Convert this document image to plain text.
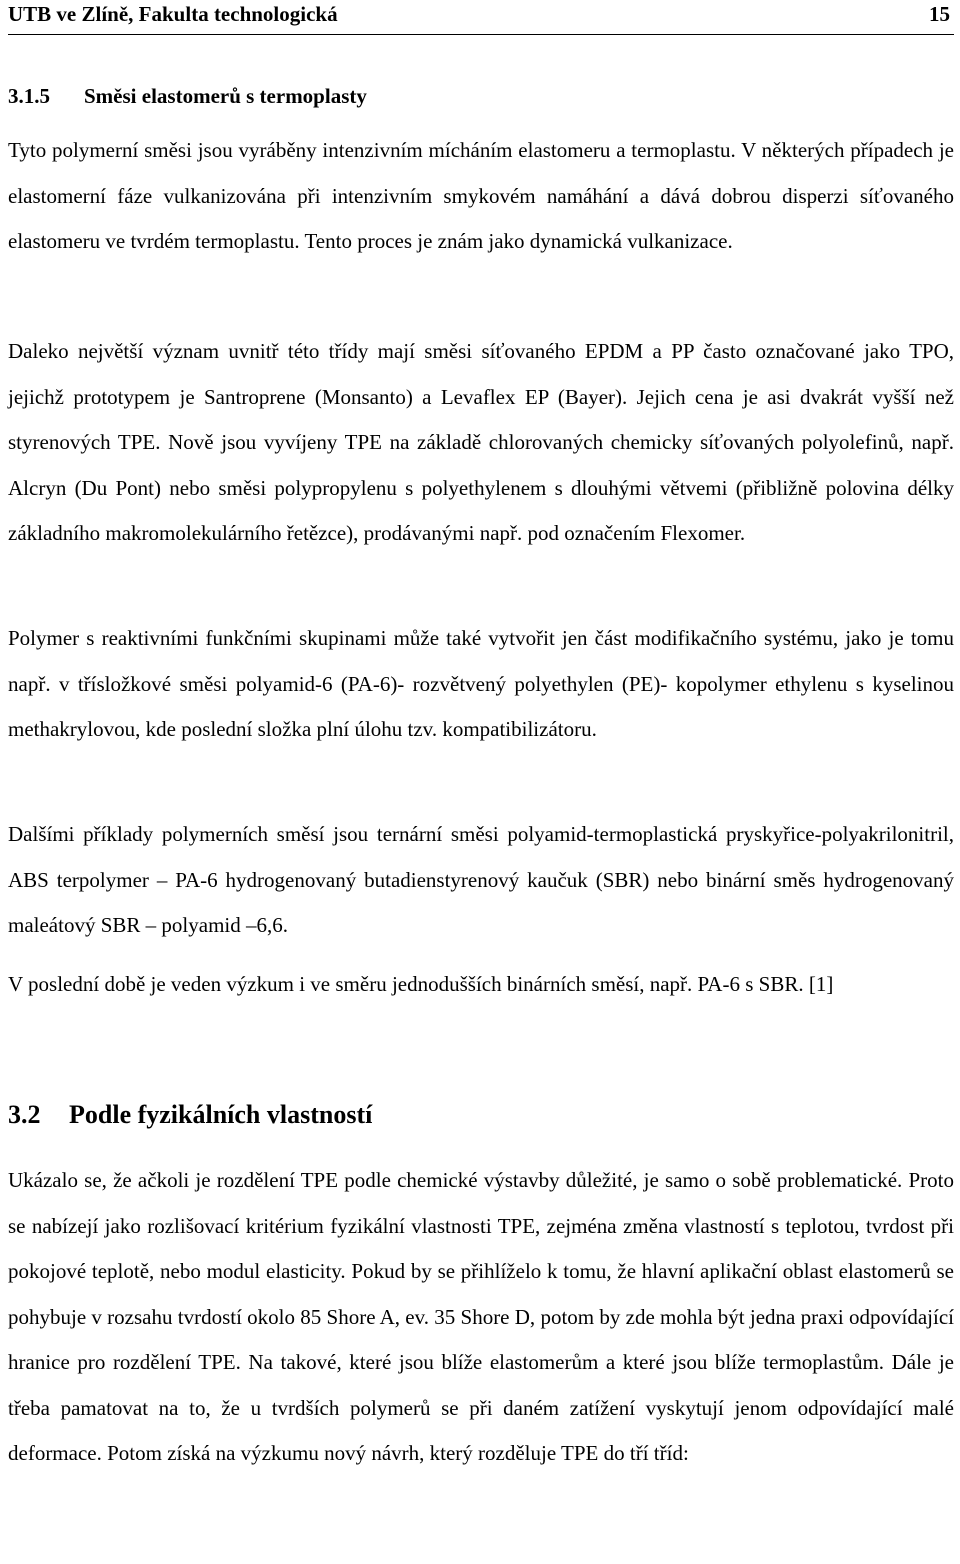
UTB ve Zlíně, Fakulta technologická	15
3.1.5 Směsi elastomerů s termoplasty

Tyto polymerní směsi jsou vyráběny intenzivním mícháním elastomeru a termoplastu. V některých případech je elastomerní fáze vulkanizována při intenzivním smykovém namáhání a dává dobrou disperzi síťovaného elastomeru ve tvrdém termoplastu. Tento proces je znám jako dynamická vulkanizace.

Daleko největší význam uvnitř této třídy mají směsi síťovaného EPDM a PP často označované jako TPO, jejichž prototypem je Santroprene (Monsanto) a Levaflex EP (Bayer). Jejich cena je asi dvakrát vyšší než styrenových TPE. Nově jsou vyvíjeny TPE na základě chlorovaných chemicky síťovaných polyolefinů, např. Alcryn (Du Pont) nebo směsi polypropylenu s polyethylenem s dlouhými větvemi (přibližně polovina délky základního makromolekulárního řetězce), prodávanými např. pod označením Flexomer.

Polymer s reaktivními funkčními skupinami může také vytvořit jen část modifikačního systému, jako je tomu např. v třísložkové směsi polyamid-6 (PA-6)- rozvětvený polyethylen (PE)- kopolymer ethylenu s kyselinou methakrylovou, kde poslední složka plní úlohu tzv. kompatibilizátoru.

Dalšími příklady polymerních směsí jsou ternární směsi polyamid-termoplastická pryskyřice-polyakrilonitril, ABS terpolymer – PA-6 hydrogenovaný butadienstyrenový kaučuk (SBR) nebo binární směs hydrogenovaný maleátový SBR – polyamid –6,6.

V poslední době je veden výzkum i ve směru jednodušších binárních směsí, např. PA-6 s SBR. [1]

3.2 Podle fyzikálních vlastností

Ukázalo se, že ačkoli je rozdělení TPE podle chemické výstavby důležité, je samo o sobě problematické. Proto se nabízejí jako rozlišovací kritérium fyzikální vlastnosti TPE, zejména změna vlastností s teplotou, tvrdost při pokojové teplotě, nebo modul elasticity. Pokud by se přihlíželo k tomu, že hlavní aplikační oblast elastomerů se pohybuje v rozsahu tvrdostí okolo 85 Shore A, ev. 35 Shore D, potom by zde mohla být jedna praxi odpovídající hranice pro rozdělení TPE. Na takové, které jsou blíže elastomerům a které jsou blíže termoplastům. Dále je třeba pamatovat na to, že u tvrdších polymerů se při daném zatížení vyskytují jenom odpovídající malé deformace. Potom získá na výzkumu nový návrh, který rozděluje TPE do tří tříd:
